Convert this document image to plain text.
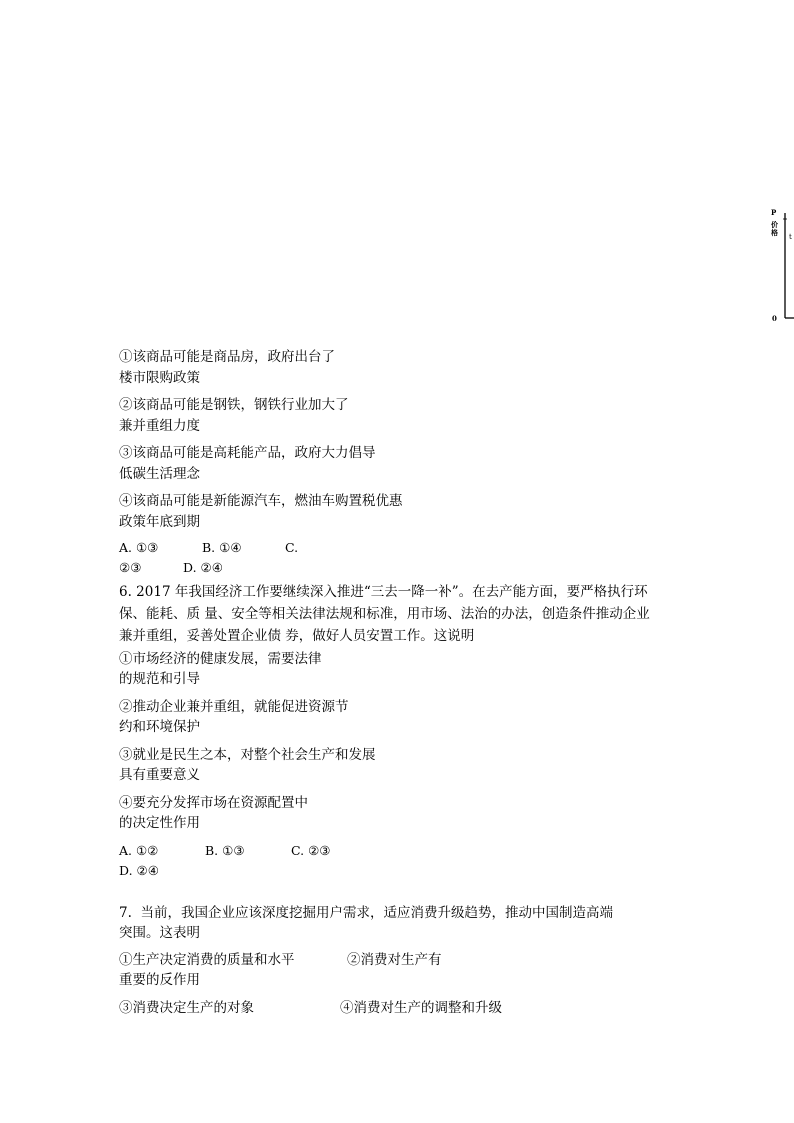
P
价格 t
0
①该商品可能是商品房，政府出台了
楼市限购政策
②该商品可能是钢铁，钢铁行业加大了
兼并重组力度
③该商品可能是高耗能产品，政府大力倡导
低碳生活理念
④该商品可能是新能源汽车，燃油车购置税优惠
政策年底到期
A. ①③	B. ①④	C.
②③	D. ②④
6. 2017 年我国经济工作要继续深入推进“三去一降一补”。在去产能方面，要严格执行环
保、能耗、质 量、安全等相关法律法规和标准，用市场、法治的办法，创造条件推动企业
兼并重组，妥善处置企业债 券，做好人员安置工作。这说明
①市场经济的健康发展，需要法律
的规范和引导
②推动企业兼并重组，就能促进资源节
约和环境保护
③就业是民生之本，对整个社会生产和发展
具有重要意义
④要充分发挥市场在资源配置中
的决定性作用
A. ①②	B. ①③	C. ②③
D. ②④
7.  当前，我国企业应该深度挖掘用户需求，适应消费升级趋势，推动中国制造高端
突围。这表明
①生产决定消费的质量和水平	②消费对生产有
重要的反作用
③消费决定生产的对象	④消费对生产的调整和升级
